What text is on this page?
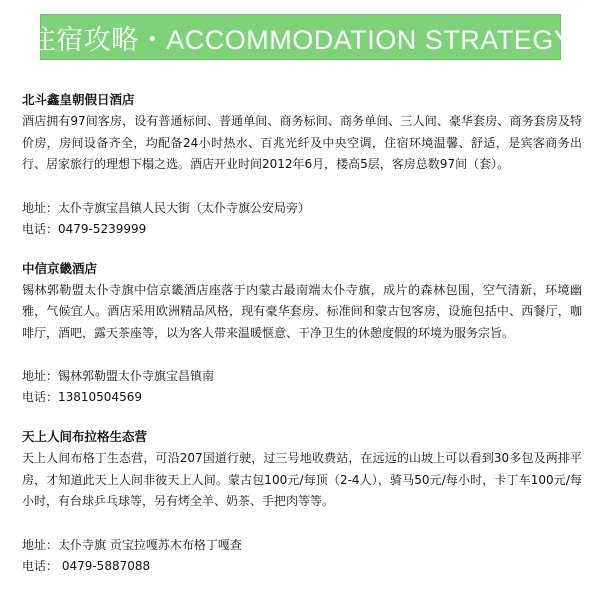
住宿攻略・ACCOMMODATION STRATEGY

北斗鑫皇朝假日酒店

酒店拥有97间客房，设有普通标间、普通单间、商务标间、商务单间、三人间、豪华套房、商务套房及特价房，房间设备齐全，均配备24小时热水、百兆光纤及中央空调，住宿环境温馨、舒适，是宾客商务出行、居家旅行的理想下榻之选。酒店开业时间2012年6月，楼高5层，客房总数97间（套）。

地址：太仆寺旗宝昌镇人民大街（太仆寺旗公安局旁）

电话：0479-5239999

中信京畿酒店

锡林郭勒盟太仆寺旗中信京畿酒店座落于内蒙古最南端太仆寺旗，成片的森林包围，空气清新，环境幽雅，气候宜人。酒店采用欧洲精品风格，现有豪华套房、标准间和蒙古包客房，设施包括中、西餐厅，咖啡厅，酒吧，露天茶座等，以为客人带来温暖惬意、干净卫生的休憩度假的环境为服务宗旨。

地址：锡林郭勒盟太仆寺旗宝昌镇南

电话：13810504569

天上人间布拉格生态营

天上人间布格丁生态营，可沿207国道行驶，过三号地收费站，在远远的山坡上可以看到30多包及两排平房，才知道此天上人间非彼天上人间。蒙古包100元/每顶（2-4人），骑马50元/每小时，卡丁车100元/每小时，有台球乒乓球等，另有烤全羊、奶茶、手把肉等等。

地址：太仆寺旗 贡宝拉嘎苏木布格丁嘎查

电话： 0479-5887088
